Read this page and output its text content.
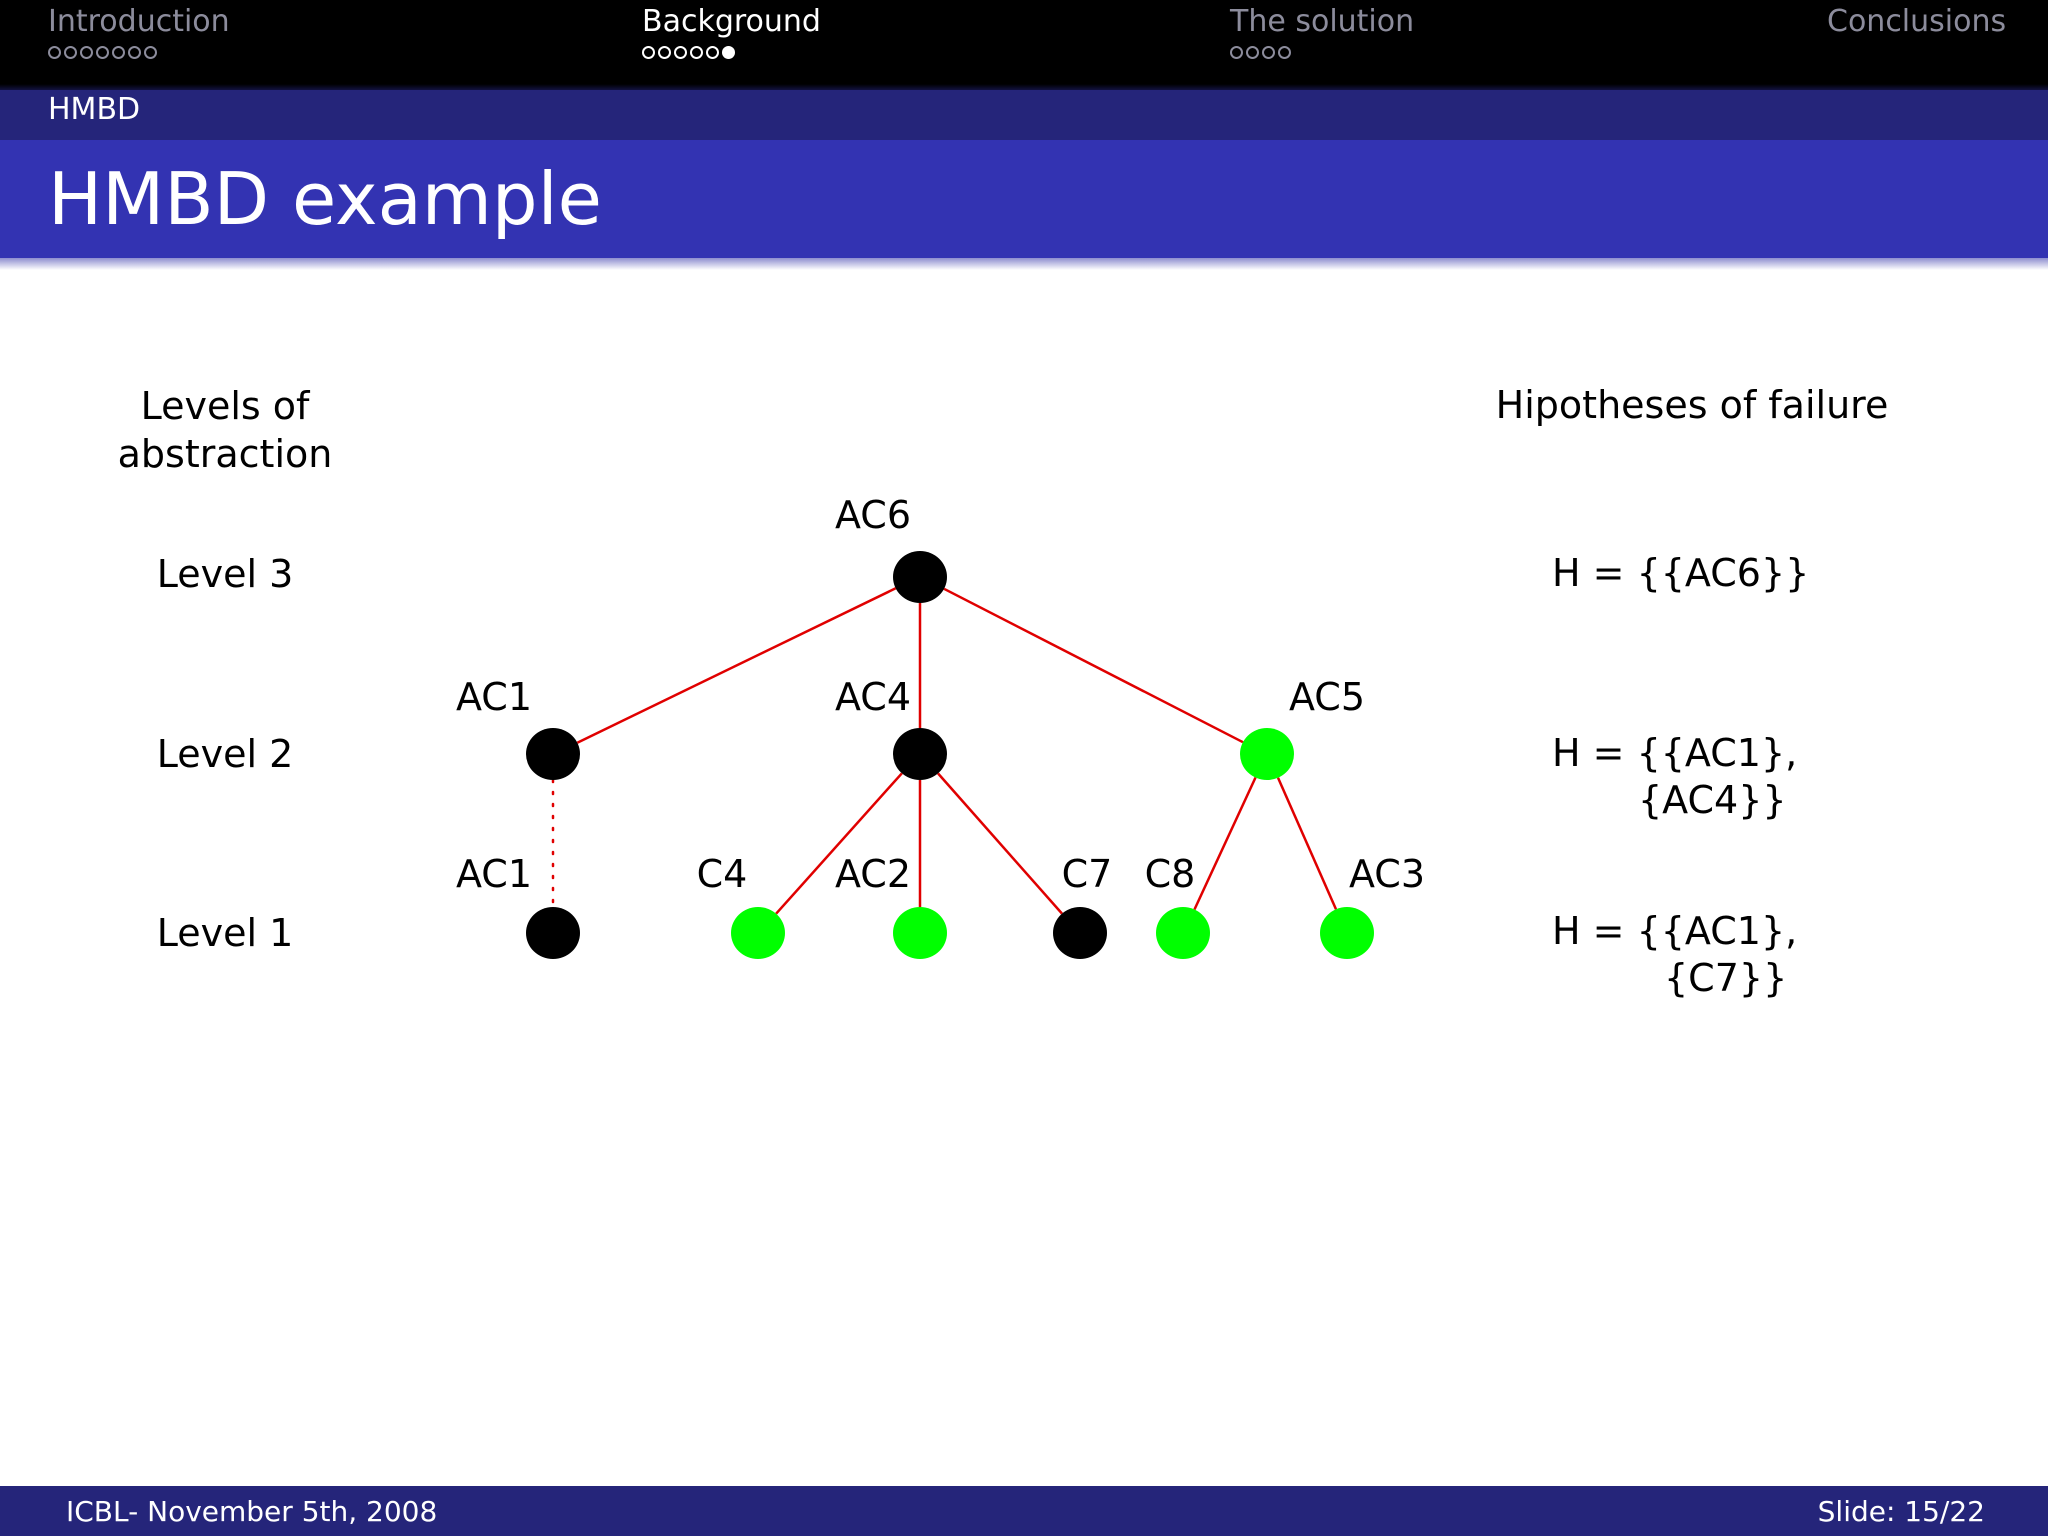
Introduction	Background	The solution	Conclusions
HMBD
HMBD example
AC6
AC1	AC4	AC5
AC1	C4 AC2	C7 C8	AC3
Levels of
abstraction
Hipotheses of failure
Level 3
Level 2
Level 1
H = {{AC6}}
H = {{AC1},
{AC4}}
H = {{AC1},
{C7}}
ICBL- November 5th, 2008	Slide: 15/22
